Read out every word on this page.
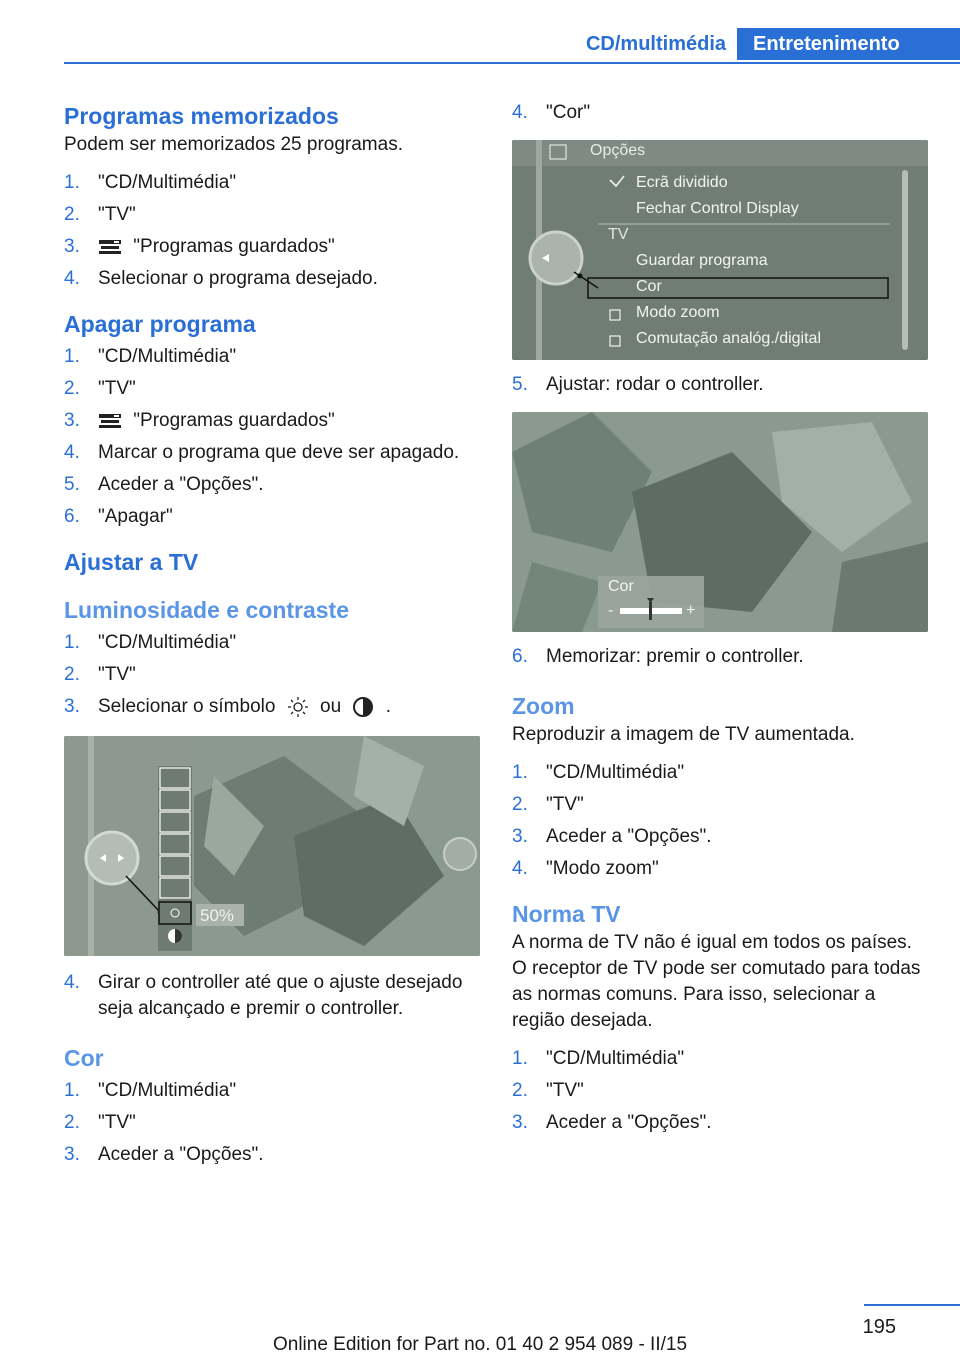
CD/multimédia	Entretenimento
Programas memorizados

Podem ser memorizados 25 programas.

1. "CD/Multimédia"
2. "TV"
3.	"Programas guardados"
4. Selecionar o programa desejado.
Apagar programa
1. "CD/Multimédia"
2. "TV"
3.	"Programas guardados"
4. Marcar o programa que deve ser apagado.
5. Aceder a "Opções".
6. "Apagar"
Ajustar a TV
Luminosidade e contraste
1. "CD/Multimédia"
2. "TV"
3. Selecionar o símbolo ou .
50%
4. Girar o controller até que o ajuste desejado seja alcançado e premir o controller.
Cor
1. "CD/Multimédia"
2. "TV"
3. Aceder a "Opções".
4. "Cor"
Opções
Ecrã dividido
Fechar Control Display
TV
Guardar programa
Cor
Modo zoom
Comutação analóg./digital
5. Ajustar: rodar o controller.
Cor
-	+
6. Memorizar: premir o controller.
Zoom

Reproduzir a imagem de TV aumentada.

1. "CD/Multimédia"
2. "TV"
3. Aceder a "Opções".
4. "Modo zoom"
Norma TV

A norma de TV não é igual em todos os países. O receptor de TV pode ser comutado para todas as normas comuns. Para isso, selecionar a região desejada.

1. "CD/Multimédia"
2. "TV"
3. Aceder a "Opções".
195
Online Edition for Part no. 01 40 2 954 089 - II/15
